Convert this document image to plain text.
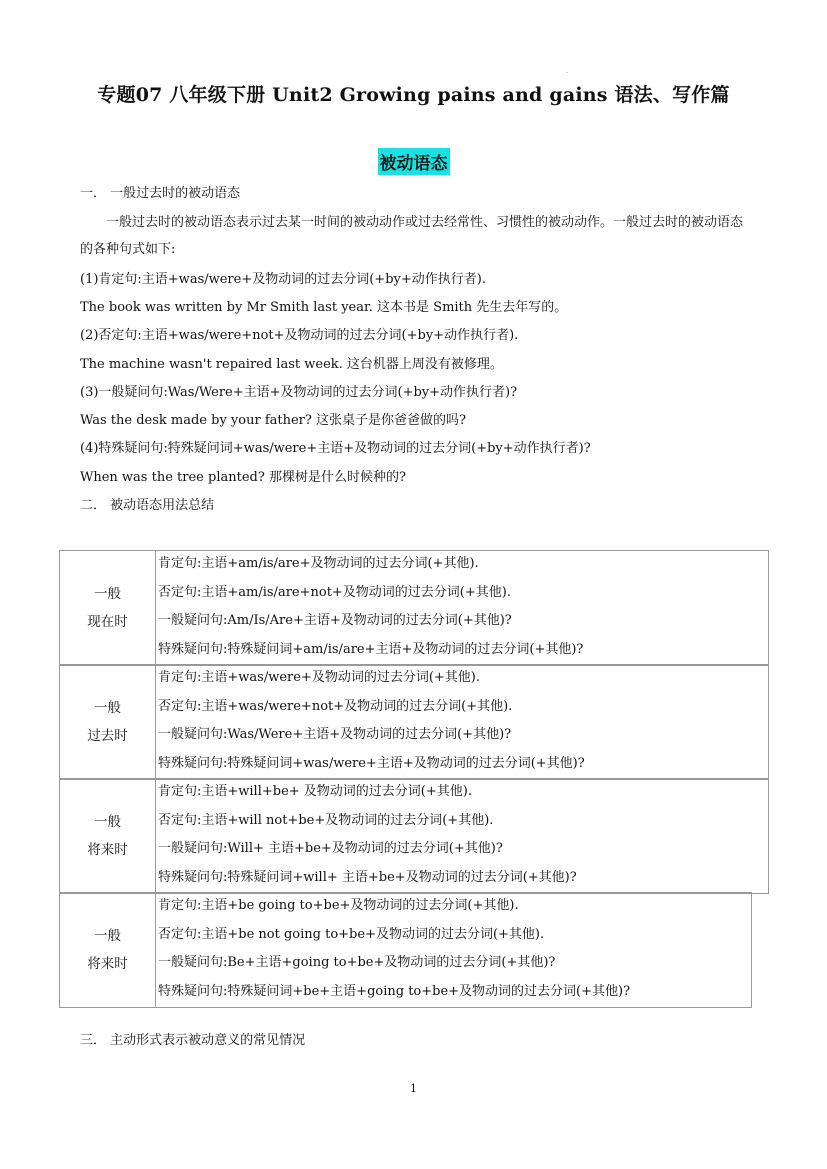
.
专题07 八年级下册 Unit2 Growing pains and gains 语法、写作篇
被动语态
一． 一般过去时的被动语态
一般过去时的被动语态表示过去某一时间的被动动作或过去经常性、习惯性的被动动作。一般过去时的被动语态的各种句式如下:
(1)肯定句:主语+was/were+及物动词的过去分词(+by+动作执行者).
The book was written by Mr Smith last year. 这本书是 Smith 先生去年写的。
(2)否定句:主语+was/were+not+及物动词的过去分词(+by+动作执行者).
The machine wasn't repaired last week. 这台机器上周没有被修理。
(3)一般疑问句:Was/Were+主语+及物动词的过去分词(+by+动作执行者)?
Was the desk made by your father? 这张桌子是你爸爸做的吗?
(4)特殊疑问句:特殊疑问词+was/were+主语+及物动词的过去分词(+by+动作执行者)?
When was the tree planted? 那棵树是什么时候种的?
二． 被动语态用法总结
一般
现在时

肯定句:主语+am/is/are+及物动词的过去分词(+其他).
否定句:主语+am/is/are+not+及物动词的过去分词(+其他).
一般疑问句:Am/Is/Are+主语+及物动词的过去分词(+其他)?
特殊疑问句:特殊疑问词+am/is/are+主语+及物动词的过去分词(+其他)?
一般
过去时

肯定句:主语+was/were+及物动词的过去分词(+其他).
否定句:主语+was/were+not+及物动词的过去分词(+其他).
一般疑问句:Was/Were+主语+及物动词的过去分词(+其他)?
特殊疑问句:特殊疑问词+was/were+主语+及物动词的过去分词(+其他)?
一般
将来时

肯定句:主语+will+be+ 及物动词的过去分词(+其他).
否定句:主语+will not+be+及物动词的过去分词(+其他).
一般疑问句:Will+ 主语+be+及物动词的过去分词(+其他)?
特殊疑问句:特殊疑问词+will+ 主语+be+及物动词的过去分词(+其他)?
一般
将来时

肯定句:主语+be going to+be+及物动词的过去分词(+其他).
否定句:主语+be not going to+be+及物动词的过去分词(+其他).
一般疑问句:Be+主语+going to+be+及物动词的过去分词(+其他)?
特殊疑问句:特殊疑问词+be+主语+going to+be+及物动词的过去分词(+其他)?
三． 主动形式表示被动意义的常见情况
1
